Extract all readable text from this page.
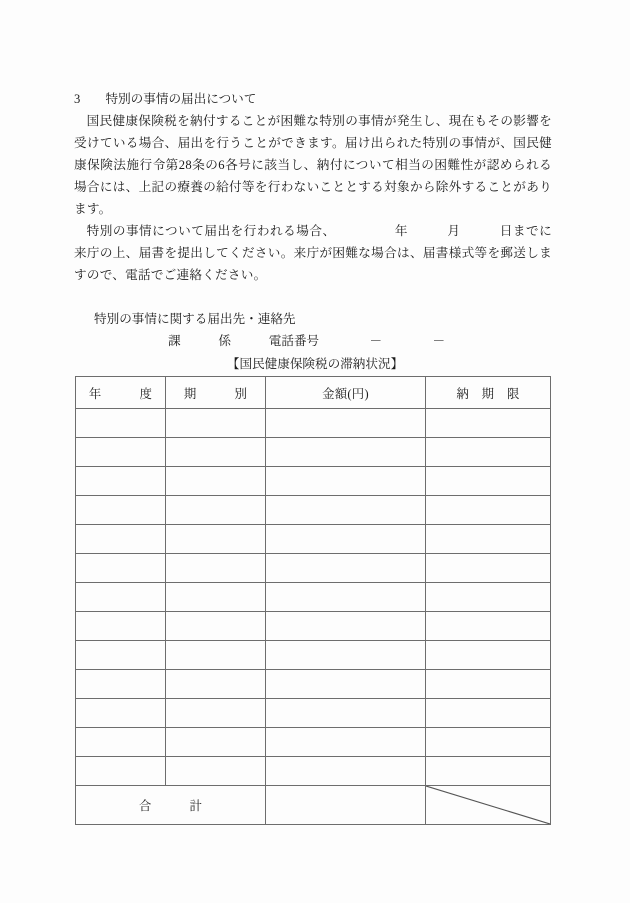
3　　 特別の事情の届出について

国民健康保険税を納付することが困難な特別の事情が発生し、現在もその影響を受けている場合、届出を行うことができます。届け出られた特別の事情が、国民健康保険法施行令第28条の6各号に該当し、納付について相当の困難性が認められる場合には、上記の療養の給付等を行わないこととする対象から除外することがあります。

特別の事情について届出を行われる場合、　　　　　年　　　月　　　日までに来庁の上、届書を提出してください。来庁が困難な場合は、届書様式等を郵送しますので、電話でご連絡ください。

特別の事情に関する届出先・連絡先
課　　　係　　　電話番号　　　　－　　　　－
【国民健康保険税の滞納状況】
年　　　度	期　　　別	金額(円)	納　期　限

合　　　計		
